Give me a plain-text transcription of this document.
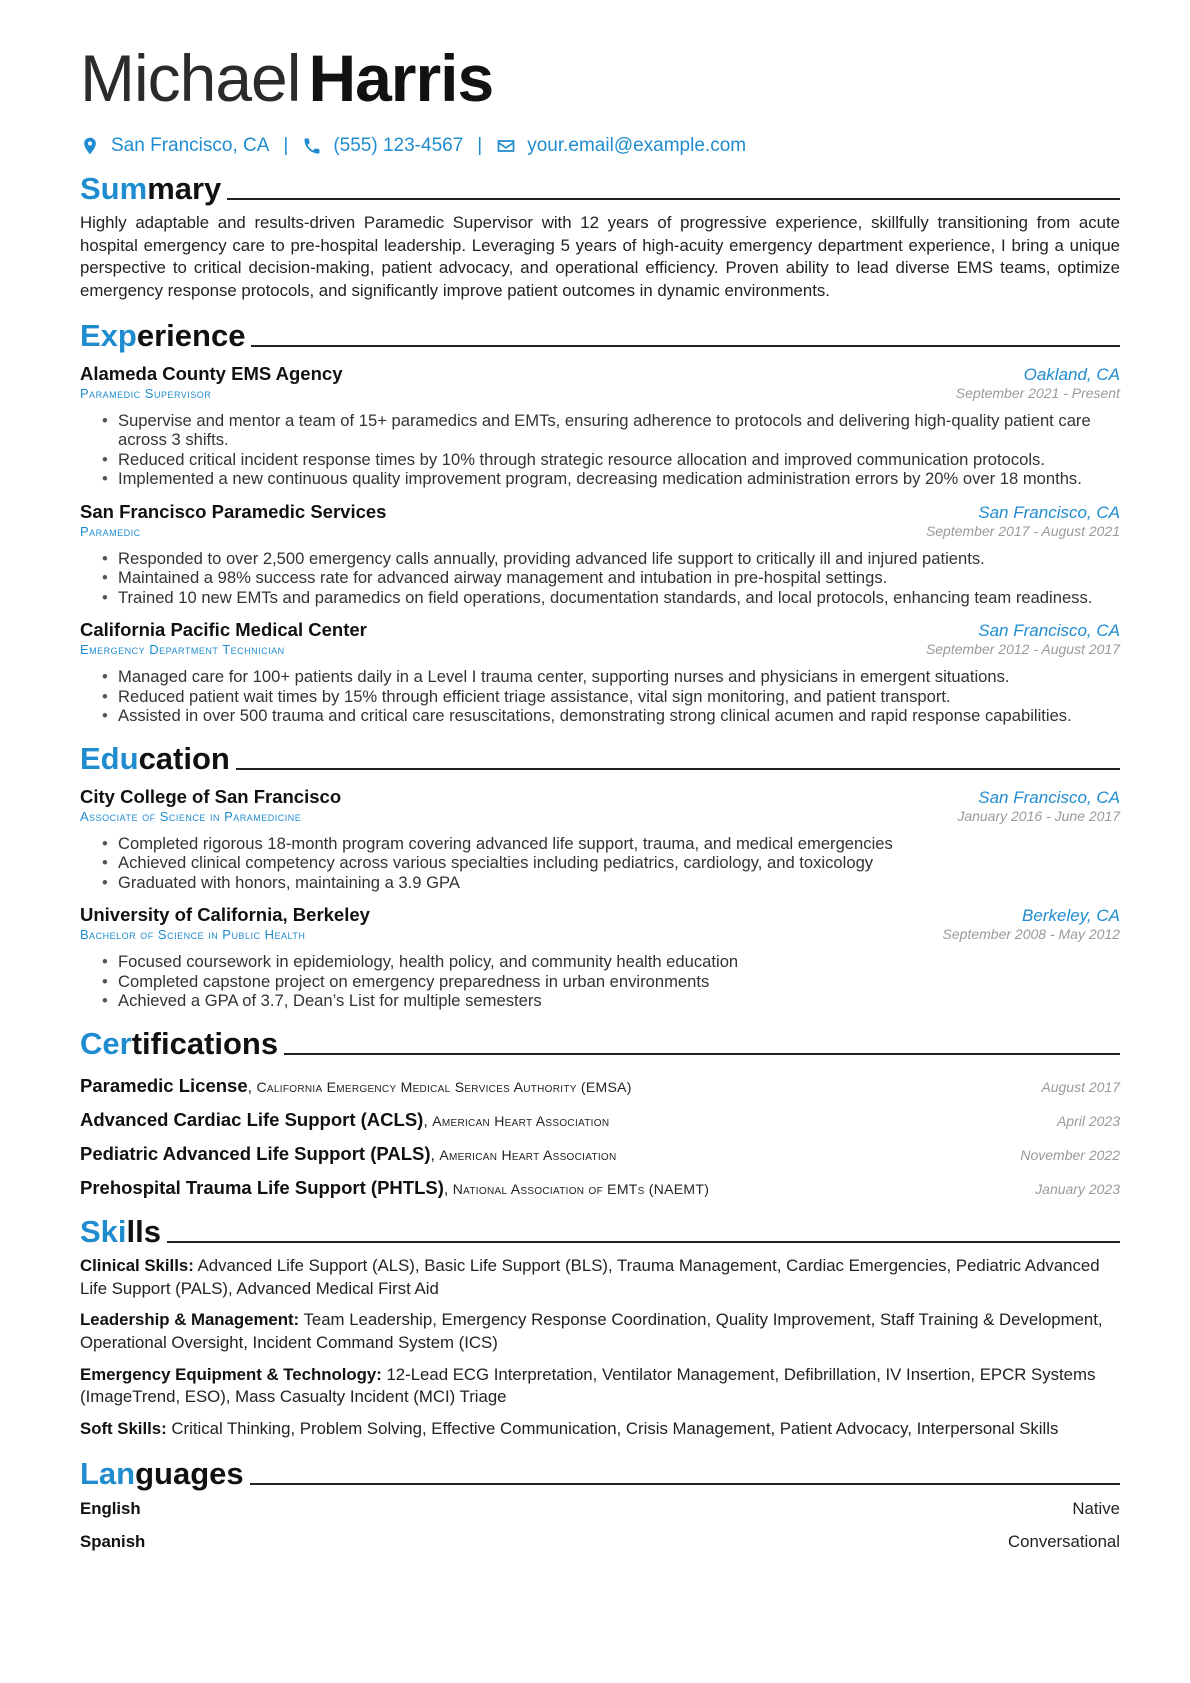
Michael Harris
San Francisco, CA | (555) 123-4567 | your.email@example.com
Summary
Highly adaptable and results-driven Paramedic Supervisor with 12 years of progressive experience, skillfully transitioning from acute hospital emergency care to pre-hospital leadership. Leveraging 5 years of high-acuity emergency department experience, I bring a unique perspective to critical decision-making, patient advocacy, and operational efficiency. Proven ability to lead diverse EMS teams, optimize emergency response protocols, and significantly improve patient outcomes in dynamic environments.
Experience
Alameda County EMS Agency	Oakland, CA
Paramedic Supervisor	September 2021 - Present
• Supervise and mentor a team of 15+ paramedics and EMTs, ensuring adherence to protocols and delivering high-quality patient care across 3 shifts.
• Reduced critical incident response times by 10% through strategic resource allocation and improved communication protocols.
• Implemented a new continuous quality improvement program, decreasing medication administration errors by 20% over 18 months.
San Francisco Paramedic Services	San Francisco, CA
Paramedic	September 2017 - August 2021
• Responded to over 2,500 emergency calls annually, providing advanced life support to critically ill and injured patients.
• Maintained a 98% success rate for advanced airway management and intubation in pre-hospital settings.
• Trained 10 new EMTs and paramedics on field operations, documentation standards, and local protocols, enhancing team readiness.
California Pacific Medical Center	San Francisco, CA
Emergency Department Technician	September 2012 - August 2017
• Managed care for 100+ patients daily in a Level I trauma center, supporting nurses and physicians in emergent situations.
• Reduced patient wait times by 15% through efficient triage assistance, vital sign monitoring, and patient transport.
• Assisted in over 500 trauma and critical care resuscitations, demonstrating strong clinical acumen and rapid response capabilities.
Education
City College of San Francisco	San Francisco, CA
Associate of Science in Paramedicine	January 2016 - June 2017
• Completed rigorous 18-month program covering advanced life support, trauma, and medical emergencies
• Achieved clinical competency across various specialties including pediatrics, cardiology, and toxicology
• Graduated with honors, maintaining a 3.9 GPA
University of California, Berkeley	Berkeley, CA
Bachelor of Science in Public Health	September 2008 - May 2012
• Focused coursework in epidemiology, health policy, and community health education
• Completed capstone project on emergency preparedness in urban environments
• Achieved a GPA of 3.7, Dean’s List for multiple semesters
Certifications
Paramedic License, California Emergency Medical Services Authority (EMSA)	August 2017
Advanced Cardiac Life Support (ACLS), American Heart Association	April 2023
Pediatric Advanced Life Support (PALS), American Heart Association	November 2022
Prehospital Trauma Life Support (PHTLS), National Association of EMTs (NAEMT)	January 2023
Skills
Clinical Skills: Advanced Life Support (ALS), Basic Life Support (BLS), Trauma Management, Cardiac Emergencies, Pediatric Advanced Life Support (PALS), Advanced Medical First Aid
Leadership & Management: Team Leadership, Emergency Response Coordination, Quality Improvement, Staff Training & Development, Operational Oversight, Incident Command System (ICS)
Emergency Equipment & Technology: 12-Lead ECG Interpretation, Ventilator Management, Defibrillation, IV Insertion, EPCR Systems (ImageTrend, ESO), Mass Casualty Incident (MCI) Triage
Soft Skills: Critical Thinking, Problem Solving, Effective Communication, Crisis Management, Patient Advocacy, Interpersonal Skills
Languages
English	Native
Spanish	Conversational
